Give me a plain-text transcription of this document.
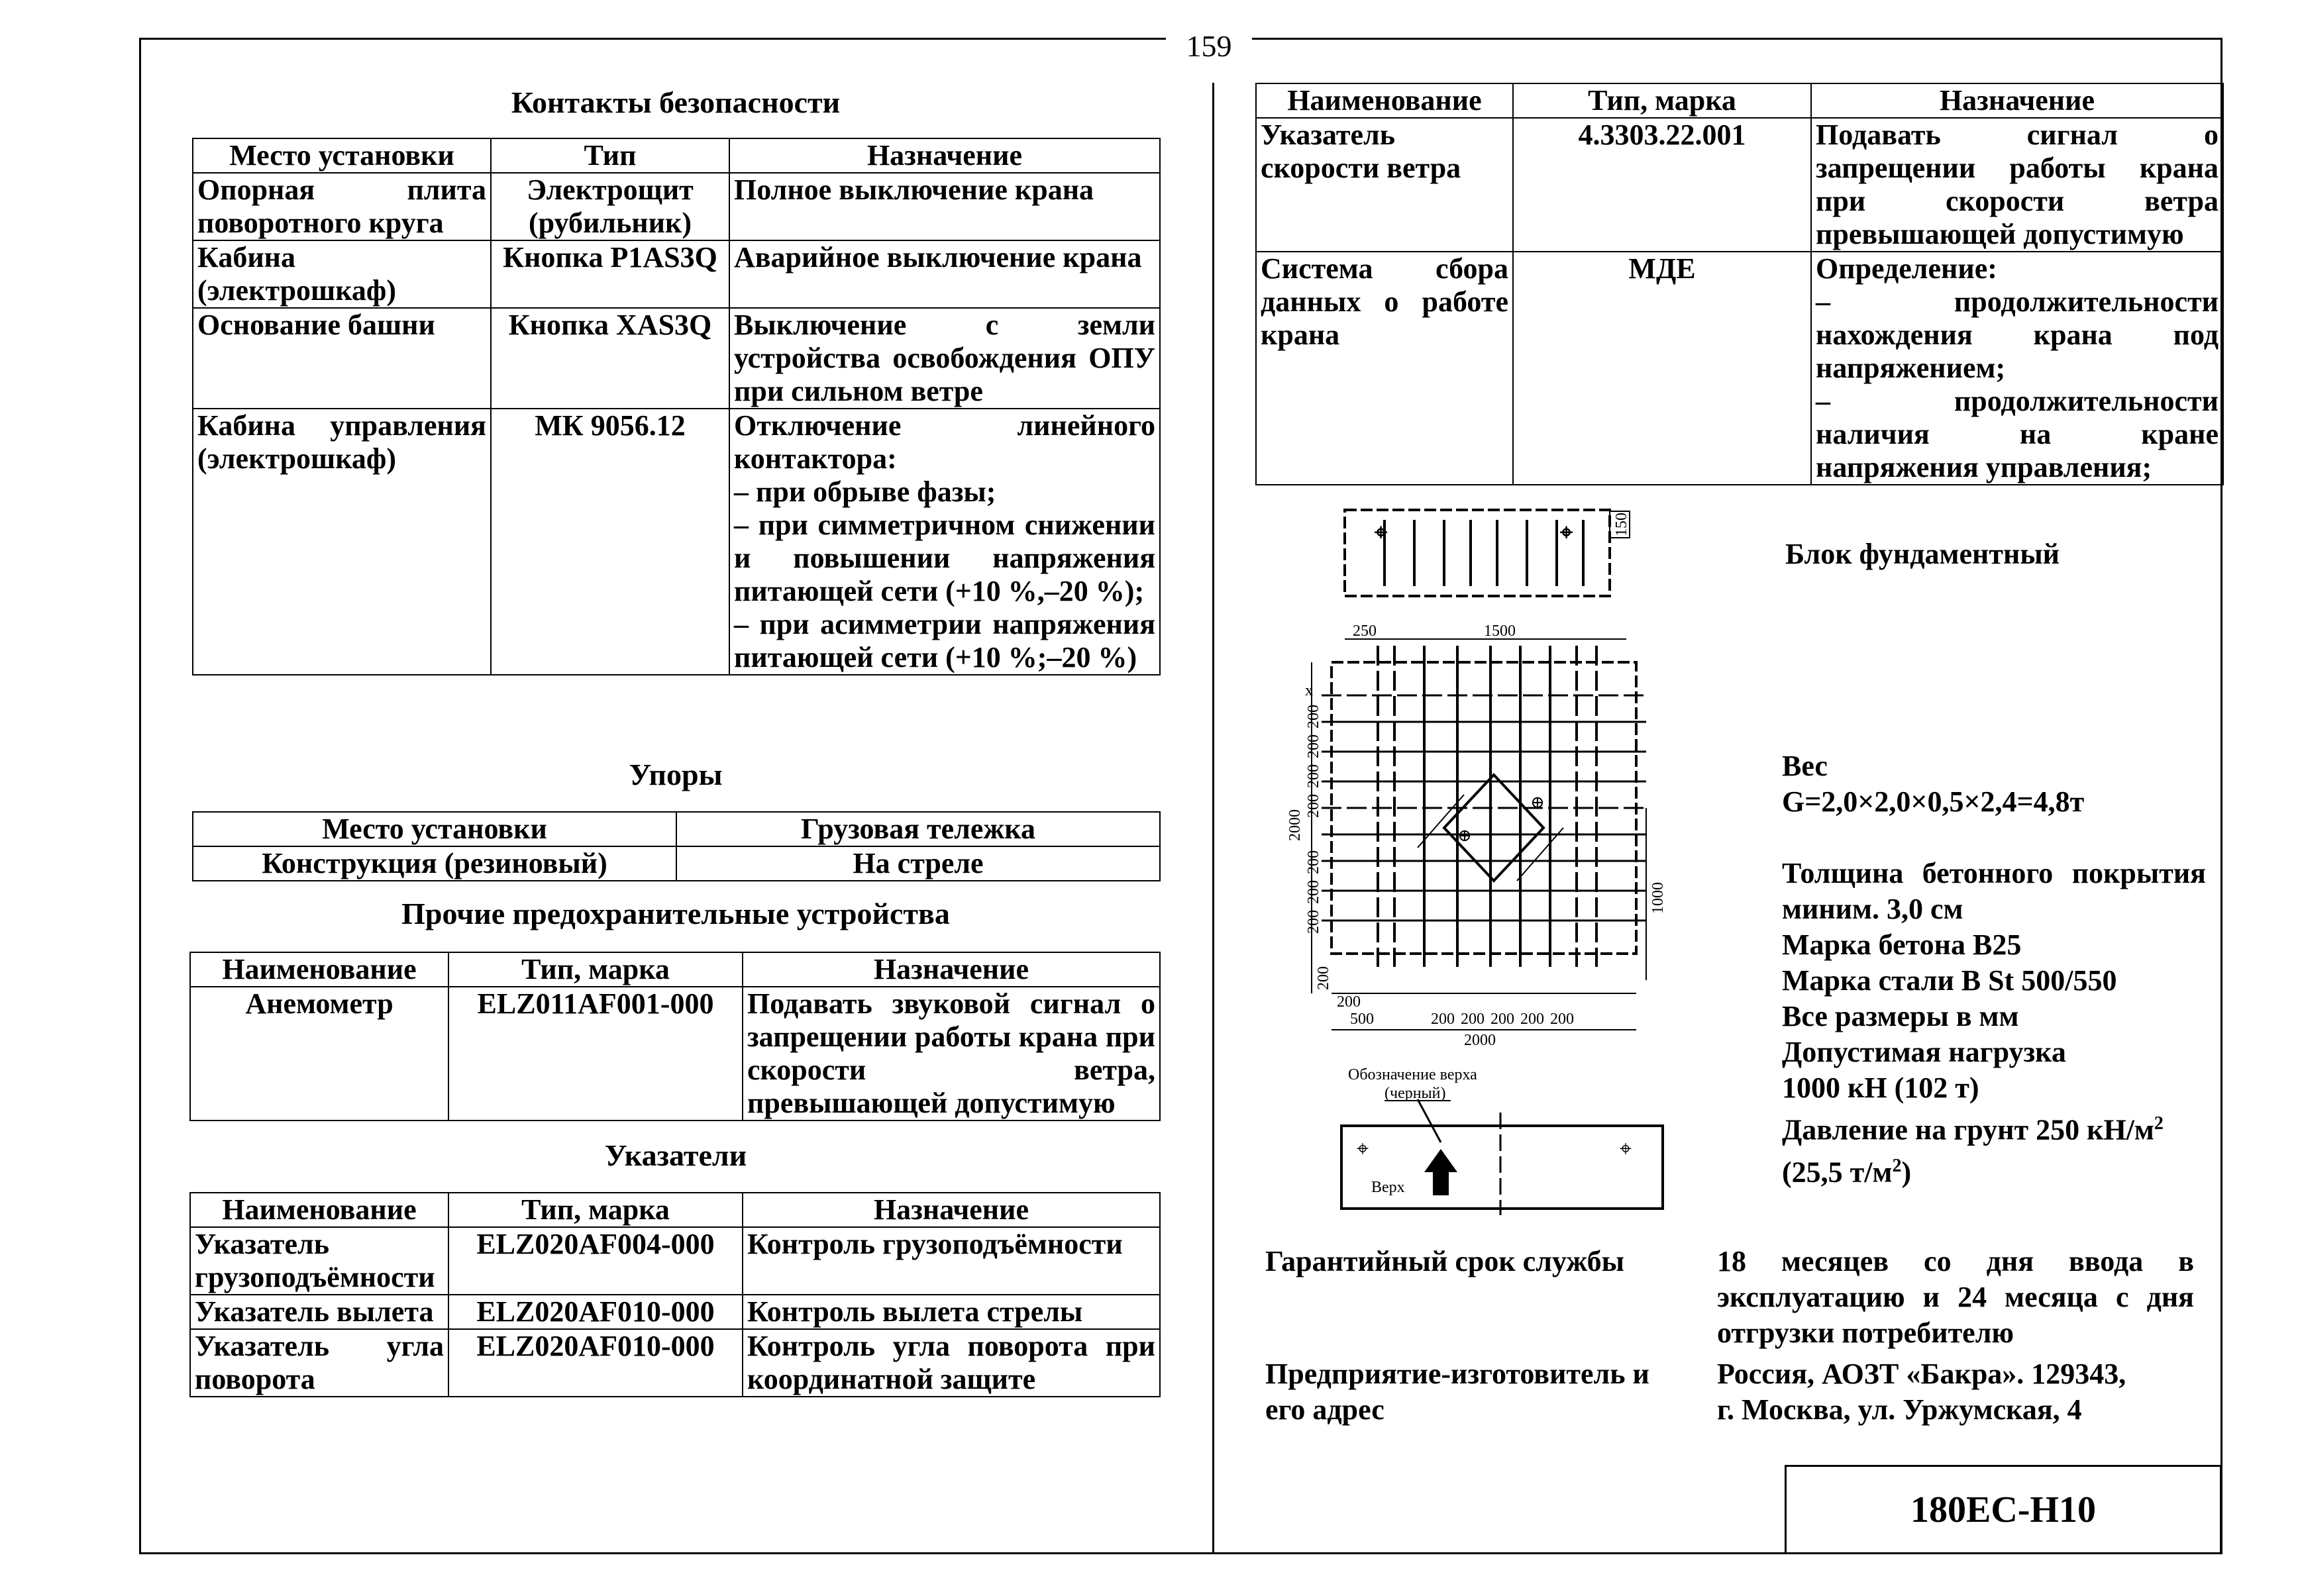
159
Контакты безопасности
Место установки	Тип	Назначение
Опорная плита поворотного круга	Электрощит (рубильник)	Полное выключение крана
Кабина (электрошкаф)	Кнопка P1AS3Q	Аварийное выключение крана
Основание башни	Кнопка XAS3Q	Выключение с земли устройства освобождения ОПУ при сильном ветре
Кабина управления (электрошкаф)	МК 9056.12	Отключение линейного контактора:
– при обрыве фазы;
– при симметричном снижении и повышении напряжения питающей сети (+10 %,–20 %);
– при асимметрии напряжения питающей сети (+10 %;–20 %)
Упоры
Место установки	Грузовая тележка
Конструкция (резиновый)	На стреле
Прочие предохранительные устройства
Наименование	Тип, марка	Назначение
Анемометр	ELZ011AF001-000	Подавать звуковой сигнал о запрещении работы крана при скорости ветра, превышающей допустимую
Указатели
Наименование	Тип, марка	Назначение
Указатель грузоподъёмности	ELZ020AF004-000	Контроль грузоподъёмности
Указатель вылета	ELZ020AF010-000	Контроль вылета стрелы
Указатель угла поворота	ELZ020AF010-000	Контроль угла поворота при координатной защите
Наименование	Тип, марка	Назначение
Указатель скорости ветра	4.3303.22.001	Подавать сигнал о запрещении работы крана при скорости ветра превышающей допустимую
Система сбора данных о работе крана	МДЕ	Определение:
– продолжительности нахождения крана под напряжением;
– продолжительности наличия на кране напряжения управления;
⌖	⌖	150
250	1500
x
⊕
⊕
2000
200
200
200
200
200
200
200
200
1000
200
500	200 200 200 200 200
2000
Обозначение верха
(черный)
⌖	⌖
Верх
Блок фундаментный
Вес
G=2,0×2,0×0,5×2,4=4,8т
Толщина бетонного покрытия миним. 3,0 см
Марка бетона В25
Марка стали B St 500/550
Все размеры в мм
Допустимая нагрузка
1000 кН (102 т)
Давление на грунт 250 $кН/м^2$
(25,5 $т/м^2$)
Гарантийный срок службы	18 месяцев со дня ввода в эксплуатацию и 24 месяца с дня отгрузки потребителю
Предприятие-изготовитель и его адрес
Россия, АОЗТ «Бакра». 129343,
г. Москва, ул. Уржумская, 4
180EC-H10
